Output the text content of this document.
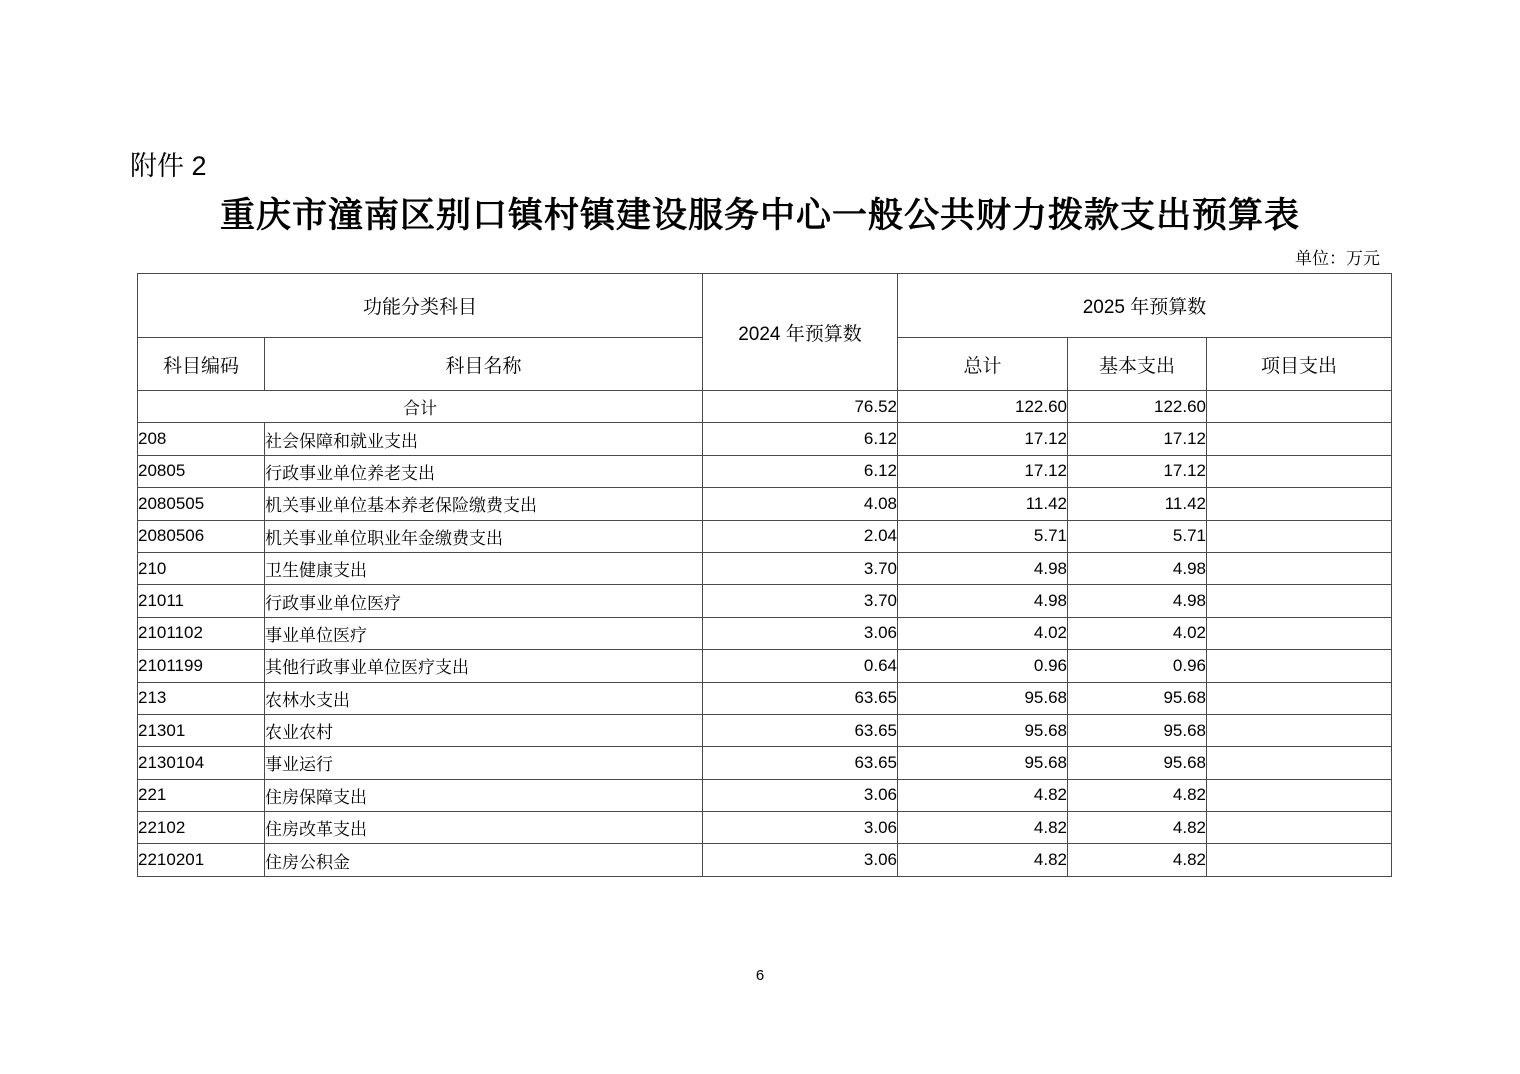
附件 2
重庆市潼南区别口镇村镇建设服务中心一般公共财力拨款支出预算表
单位：万元
功能分类科目		2024 年预算数	2025 年预算数		
科目编码	科目名称		总计	基本支出	项目支出
合计		76.52	122.60	122.60	
208	社会保障和就业支出	6.12	17.12	17.12	
20805	行政事业单位养老支出	6.12	17.12	17.12	
2080505	机关事业单位基本养老保险缴费支出	4.08	11.42	11.42	
2080506	机关事业单位职业年金缴费支出	2.04	5.71	5.71	
210	卫生健康支出	3.70	4.98	4.98	
21011	行政事业单位医疗	3.70	4.98	4.98	
2101102	事业单位医疗	3.06	4.02	4.02	
2101199	其他行政事业单位医疗支出	0.64	0.96	0.96	
213	农林水支出	63.65	95.68	95.68	
21301	农业农村	63.65	95.68	95.68	
2130104	事业运行	63.65	95.68	95.68	
221	住房保障支出	3.06	4.82	4.82	
22102	住房改革支出	3.06	4.82	4.82	
2210201	住房公积金	3.06	4.82	4.82	
6
